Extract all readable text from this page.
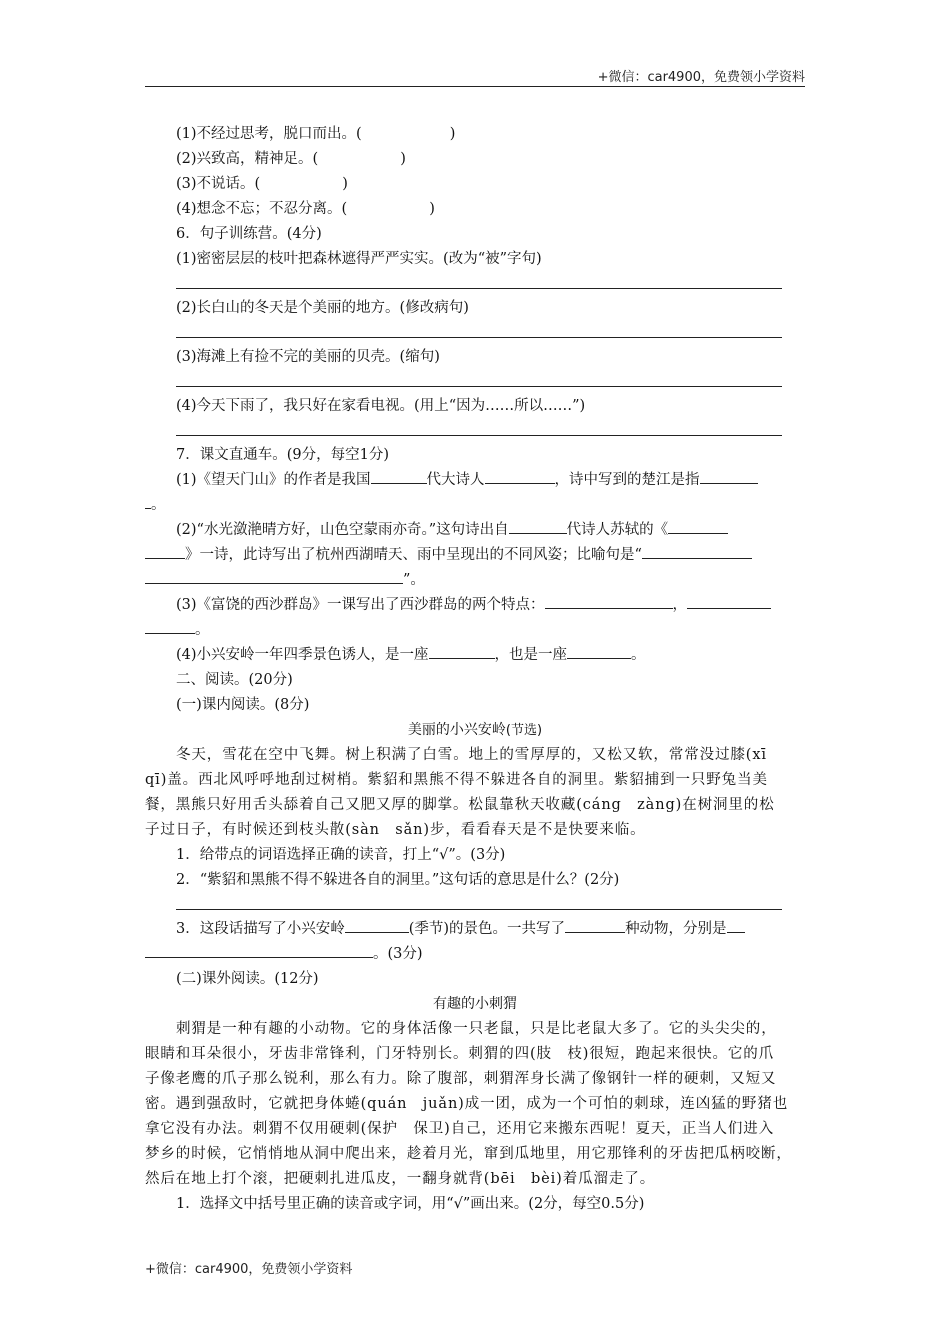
+微信：car4900，免费领小学资料
(1)不经过思考，脱口而出。(	)
(2)兴致高，精神足。(	)
(3)不说话。(	)
(4)想念不忘；不忍分离。(	)
6．句子训练营。(4分)
(1)密密层层的枝叶把森林遮得严严实实。(改为“被”字句)
(2)长白山的冬天是个美丽的地方。(修改病句)
(3)海滩上有捡不完的美丽的贝壳。(缩句)
(4)今天下雨了，我只好在家看电视。(用上“因为……所以……”)
7．课文直通车。(9分，每空1分)
(1)《望天门山》的作者是我国	代大诗人	，诗中写到的楚江是指
。
(2)“水光潋滟晴方好，山色空蒙雨亦奇。”这句诗出自	代诗人苏轼的《
》一诗，此诗写出了杭州西湖晴天、雨中呈现出的不同风姿；比喻句是“
”。
(3)《富饶的西沙群岛》一课写出了西沙群岛的两个特点：	，
。
(4)小兴安岭一年四季景色诱人，是一座	，也是一座	。
二、阅读。(20分)
(一)课内阅读。(8分)
美丽的小兴安岭(节选)
冬天，雪花在空中飞舞。树上积满了白雪。地上的雪厚厚的，又松又软，常常没过膝(xī
qī)盖。西北风呼呼地刮过树梢。紫貂和黑熊不得不躲进各自的洞里。紫貂捕到一只野兔当美
餐，黑熊只好用舌头舔着自己又肥又厚的脚掌。松鼠靠秋天收藏(cáng　zàng)在树洞里的松
子过日子，有时候还到枝头散(sàn　sǎn)步，看看春天是不是快要来临。
1．给带点的词语选择正确的读音，打上“√”。(3分)
2．“紫貂和黑熊不得不躲进各自的洞里。”这句话的意思是什么？(2分)
3．这段话描写了小兴安岭	(季节)的景色。一共写了	种动物，分别是
。(3分)
(二)课外阅读。(12分)
有趣的小刺猬
刺猬是一种有趣的小动物。它的身体活像一只老鼠，只是比老鼠大多了。它的头尖尖的，
眼睛和耳朵很小，牙齿非常锋利，门牙特别长。刺猬的四(肢　枝)很短，跑起来很快。它的爪
子像老鹰的爪子那么锐利，那么有力。除了腹部，刺猬浑身长满了像钢针一样的硬刺，又短又
密。遇到强敌时，它就把身体蜷(quán　juǎn)成一团，成为一个可怕的刺球，连凶猛的野猪也
拿它没有办法。刺猬不仅用硬刺(保护　保卫)自己，还用它来搬东西呢！夏天，正当人们进入
梦乡的时候，它悄悄地从洞中爬出来，趁着月光，窜到瓜地里，用它那锋利的牙齿把瓜柄咬断，
然后在地上打个滚，把硬刺扎进瓜皮，一翻身就背(bēi　bèi)着瓜溜走了。
1．选择文中括号里正确的读音或字词，用“√”画出来。(2分，每空0.5分)
+微信：car4900，免费领小学资料
